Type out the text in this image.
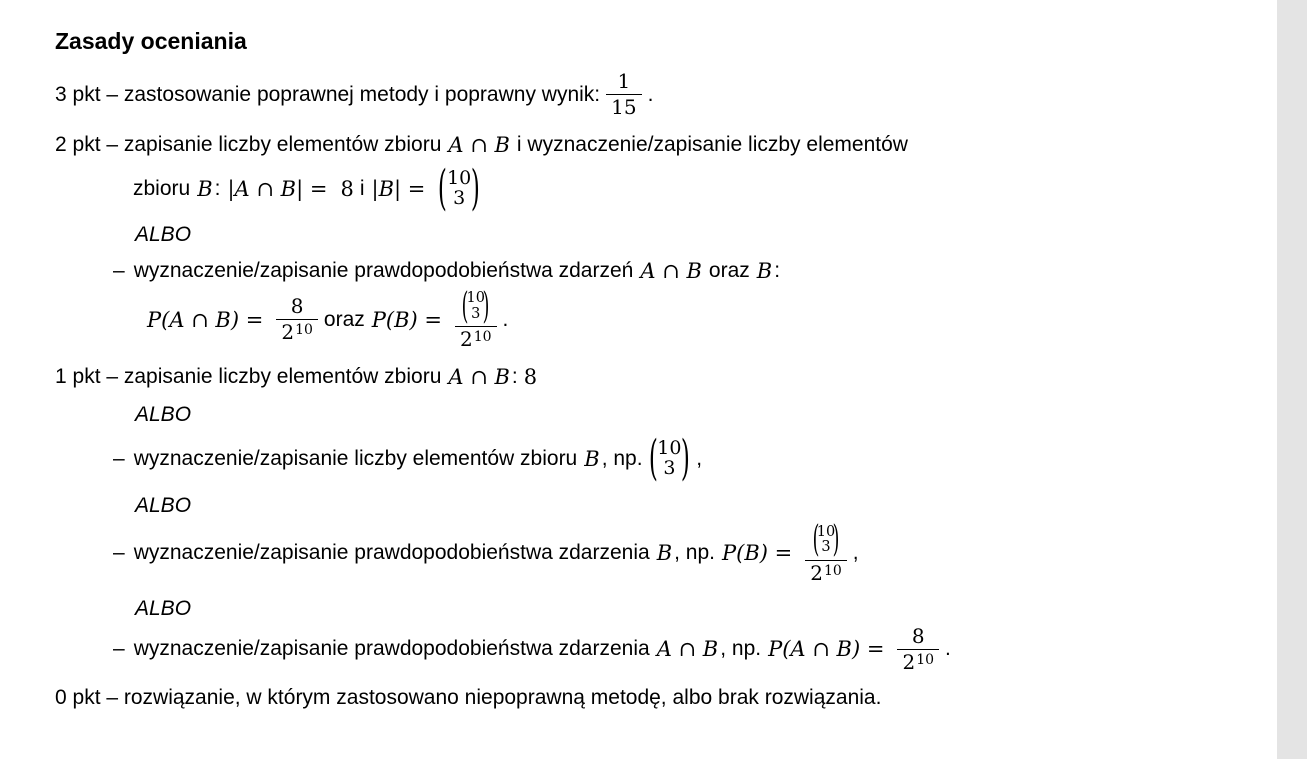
Zasady oceniania
3 pkt – zastosowanie poprawnej metody i poprawny wynik: $\frac{1}{15}$ .
2 pkt – zapisanie liczby elementów zbioru A ∩ B i wyznaczenie/zapisanie liczby elementów
zbioru B : |A ∩ B| = 8 i |B| = ( 10
3 )
ALBO
– wyznaczenie/zapisanie prawdopodobieństwa zdarzeń A ∩ B oraz B :
P(A ∩ $B) = \frac{8}{2^{10}}$ oraz P(B) = (
10
3 )
$2^{10}$
.
1 pkt – zapisanie liczby elementów zbioru A ∩ B : 8
ALBO
– wyznaczenie/zapisanie liczby elementów zbioru B , np. ( 10
3 ) ,
ALBO
– wyznaczenie/zapisanie prawdopodobieństwa zdarzenia B , np. P(B) = (
10
3 )
$2^{10}$
,
ALBO
– wyznaczenie/zapisanie prawdopodobieństwa zdarzenia A ∩ B , np. P(A ∩ $B) = \frac{8}{2^{10}}$ .
0 pkt – rozwiązanie, w którym zastosowano niepoprawną metodę, albo brak rozwiązania.
